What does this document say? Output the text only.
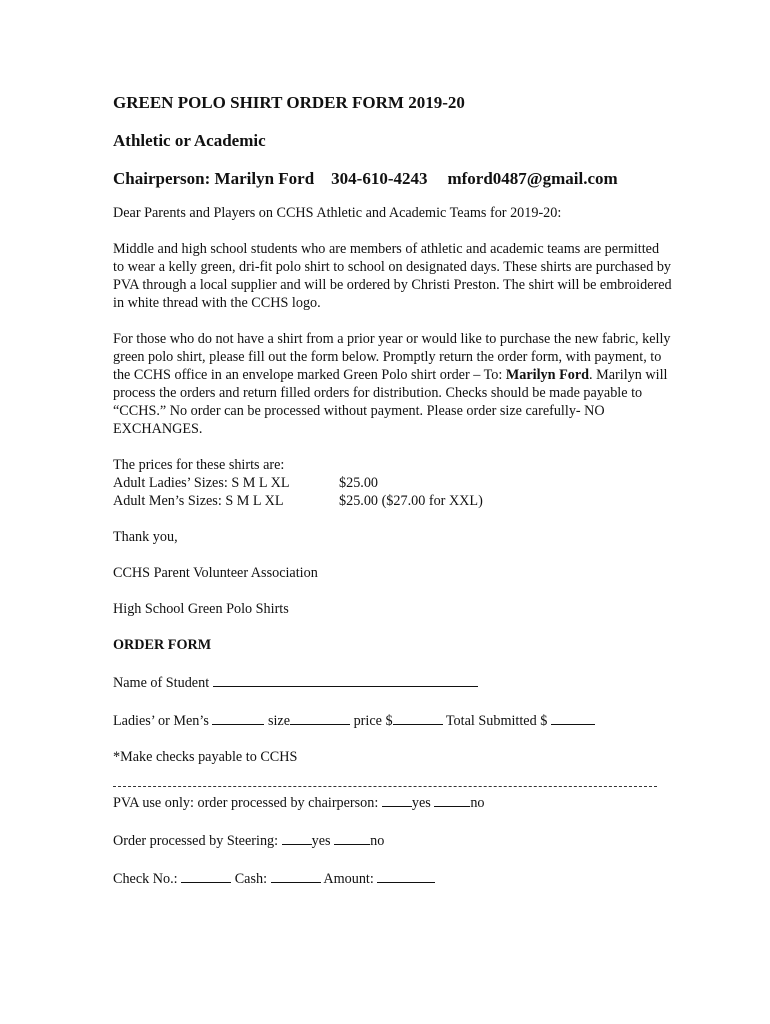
GREEN POLO SHIRT ORDER FORM 2019-20
Athletic or Academic
Chairperson: Marilyn Ford 304-610-4243 mford0487@gmail.com

Dear Parents and Players on CCHS Athletic and Academic Teams for 2019-20:

Middle and high school students who are members of athletic and academic teams are permitted to wear a kelly green, dri-fit polo shirt to school on designated days. These shirts are purchased by PVA through a local supplier and will be ordered by Christi Preston. The shirt will be embroidered in white thread with the CCHS logo.

For those who do not have a shirt from a prior year or would like to purchase the new fabric, kelly green polo shirt, please fill out the form below. Promptly return the order form, with payment, to the CCHS office in an envelope marked Green Polo shirt order – To: Marilyn Ford. Marilyn will process the orders and return filled orders for distribution. Checks should be made payable to “CCHS.” No order can be processed without payment. Please order size carefully- NO EXCHANGES.

The prices for these shirts are:

Adult Ladies’ Sizes: S M L XL	$25.00
Adult Men’s Sizes: S M L XL	$25.00 ($27.00 for XXL)

Thank you,

CCHS Parent Volunteer Association

High School Green Polo Shirts

ORDER FORM

Name of Student

Ladies’ or Men’s	size	price $	Total Submitted $

*Make checks payable to CCHS

PVA use only: order processed by chairperson: yes	no

Order processed by Steering: yes	no

Check No.:	Cash:	Amount:
